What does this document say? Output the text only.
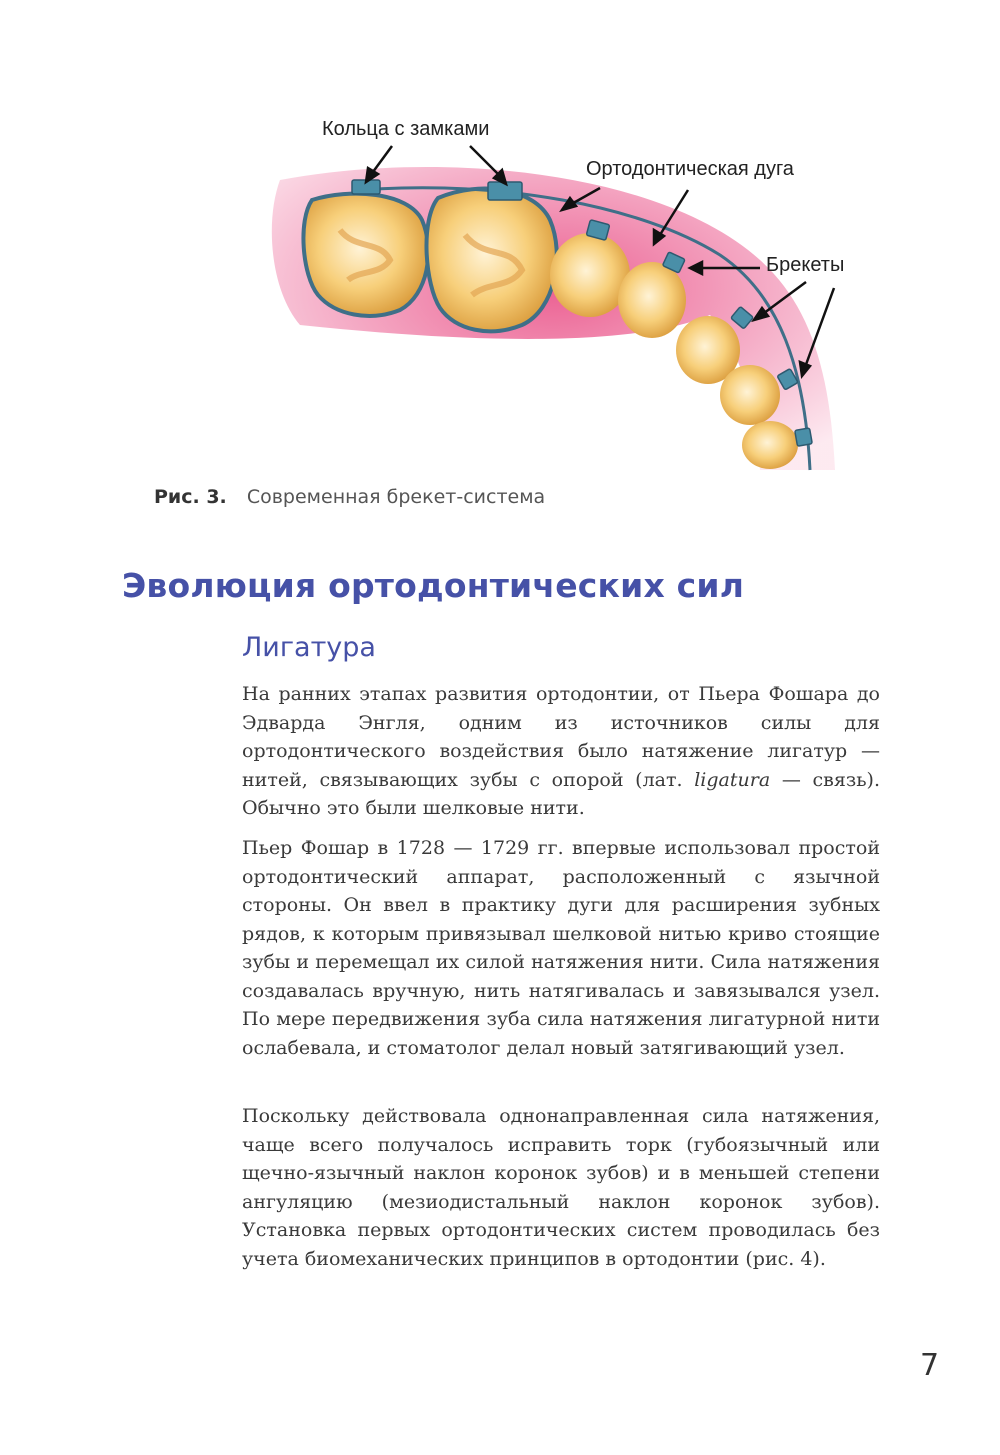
Кольца с замками
Ортодонтическая дуга
Брекеты
Рис. 3. Современная брекет-система
Эволюция ортодонтических сил
Лигатура

На ранних этапах развития ортодонтии, от Пьера Фошара до Эдварда Энгля, одним из источников силы для ортодонтического воздействия было натяжение лигатур — нитей, связывающих зубы с опорой (лат. ligatura — связь). Обычно это были шелковые нити.

Пьер Фошар в 1728 — 1729 гг. впервые использовал простой ортодонтический аппарат, расположенный с язычной стороны. Он ввел в практику дуги для расширения зубных рядов, к которым привязывал шелковой нитью криво стоящие зубы и перемещал их силой натяжения нити. Сила натяжения создавалась вручную, нить натягивалась и завязывался узел. По мере передвижения зуба сила натяжения лигатурной нити ослабевала, и стоматолог делал новый затягивающий узел.

Поскольку действовала однонаправленная сила натяжения, чаще всего получалось исправить торк (губоязычный или щечно-язычный наклон коронок зубов) и в меньшей степени ангуляцию (мезиодистальный наклон коронок зубов). Установка первых ортодонтических систем проводилась без учета биомеханических принципов в ортодонтии (рис. 4).

7
